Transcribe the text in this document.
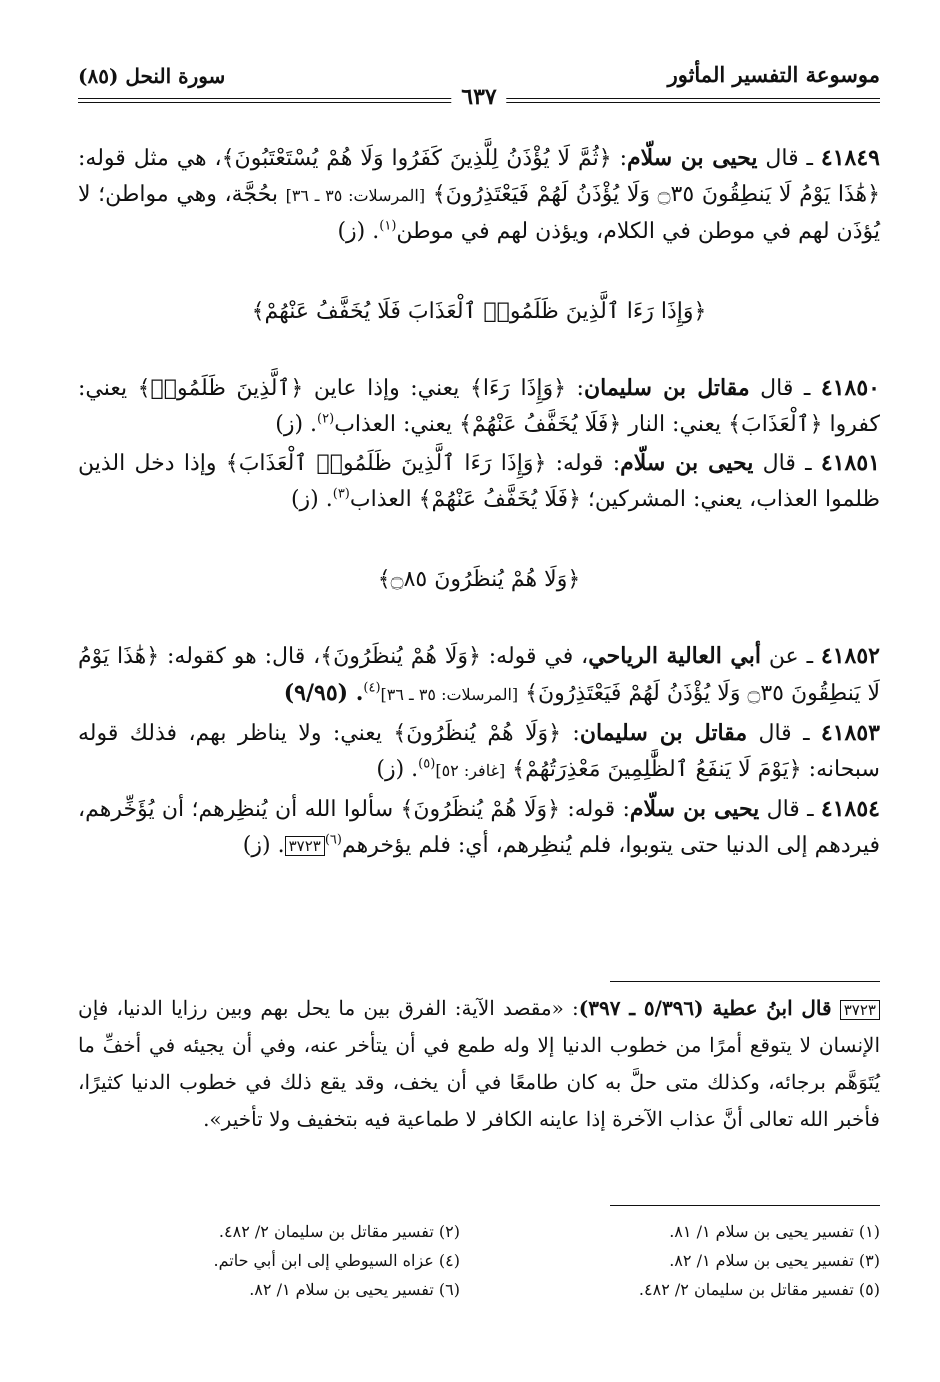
موسوعة التفسير المأثور
سورة النحل (٨٥)
٦٣٧

٤١٨٤٩ ـ قال يحيى بن سلّام: ﴿ثُمَّ لَا يُؤْذَنُ لِلَّذِينَ كَفَرُوا وَلَا هُمْ يُسْتَعْتَبُونَ﴾، هي مثل قوله: ﴿هَٰذَا يَوْمُ لَا يَنطِقُونَ ۝٣٥ وَلَا يُؤْذَنُ لَهُمْ فَيَعْتَذِرُونَ﴾ [المرسلات: ٣٥ ـ ٣٦] بحُجَّة، وهي مواطن؛ لا يُؤذَن لهم في موطن في الكلام، ويؤذن لهم في موطن$^{(١)}$. (ز)

﴿وَإِذَا رَءَا ٱلَّذِينَ ظَلَمُوا۟ ٱلْعَذَابَ فَلَا يُخَفَّفُ عَنْهُمْ﴾

٤١٨٥٠ ـ قال مقاتل بن سليمان: ﴿وَإِذَا رَءَا﴾ يعني: وإذا عاين ﴿ٱلَّذِينَ ظَلَمُوا۟﴾ يعني: كفروا ﴿ٱلْعَذَابَ﴾ يعني: النار ﴿فَلَا يُخَفَّفُ عَنْهُمْ﴾ يعني: العذاب$^{(٢)}$. (ز)

٤١٨٥١ ـ قال يحيى بن سلّام: قوله: ﴿وَإِذَا رَءَا ٱلَّذِينَ ظَلَمُوا۟ ٱلْعَذَابَ﴾ وإذا دخل الذين ظلموا العذاب، يعني: المشركين؛ ﴿فَلَا يُخَفَّفُ عَنْهُمْ﴾ العذاب$^{(٣)}$. (ز)

﴿وَلَا هُمْ يُنظَرُونَ ۝٨٥﴾

٤١٨٥٢ ـ عن أبي العالية الرياحي، في قوله: ﴿وَلَا هُمْ يُنظَرُونَ﴾، قال: هو كقوله: ﴿هَٰذَا يَوْمُ لَا يَنطِقُونَ ۝٣٥ وَلَا يُؤْذَنُ لَهُمْ فَيَعْتَذِرُونَ﴾ [المرسلات: ٣٥ ـ ٣٦]$^{(٤)}$. (٩/٩٥)

٤١٨٥٣ ـ قال مقاتل بن سليمان: ﴿وَلَا هُمْ يُنظَرُونَ﴾ يعني: ولا يناظر بهم، فذلك قوله سبحانه: ﴿يَوْمَ لَا يَنفَعُ ٱلظَّٰلِمِينَ مَعْذِرَتُهُمْ﴾ [غافر: ٥٢]$^{(٥)}$. (ز)

٤١٨٥٤ ـ قال يحيى بن سلّام: قوله: ﴿وَلَا هُمْ يُنظَرُونَ﴾ سألوا الله أن يُنظِرهم؛ أن يُؤَخِّرهم، فيردهم إلى الدنيا حتى يتوبوا، فلم يُنظِرهم، أي: فلم يؤخرهم$^{(٦)}$٣٧٢٣. (ز)

٣٧٢٣ قال ابنُ عطية (٥/٣٩٦ ـ ٣٩٧): «مقصد الآية: الفرق بين ما يحل بهم وبين رزايا الدنيا، فإن الإنسان لا يتوقع أمرًا من خطوب الدنيا إلا وله طمع في أن يتأخر عنه، وفي أن يجيئه في أخفِّ ما يُتَوَهَّم برجائه، وكذلك متى حلَّ به كان طامعًا في أن يخف، وقد يقع ذلك في خطوب الدنيا كثيرًا، فأخبر الله تعالى أنَّ عذاب الآخرة إذا عاينه الكافر لا طماعية فيه بتخفيف ولا تأخير».
(١) تفسير يحيى بن سلام ١/ ٨١.
(٣) تفسير يحيى بن سلام ١/ ٨٢.
(٥) تفسير مقاتل بن سليمان ٢/ ٤٨٢.
(٢) تفسير مقاتل بن سليمان ٢/ ٤٨٢.
(٤) عزاه السيوطي إلى ابن أبي حاتم.
(٦) تفسير يحيى بن سلام ١/ ٨٢.
